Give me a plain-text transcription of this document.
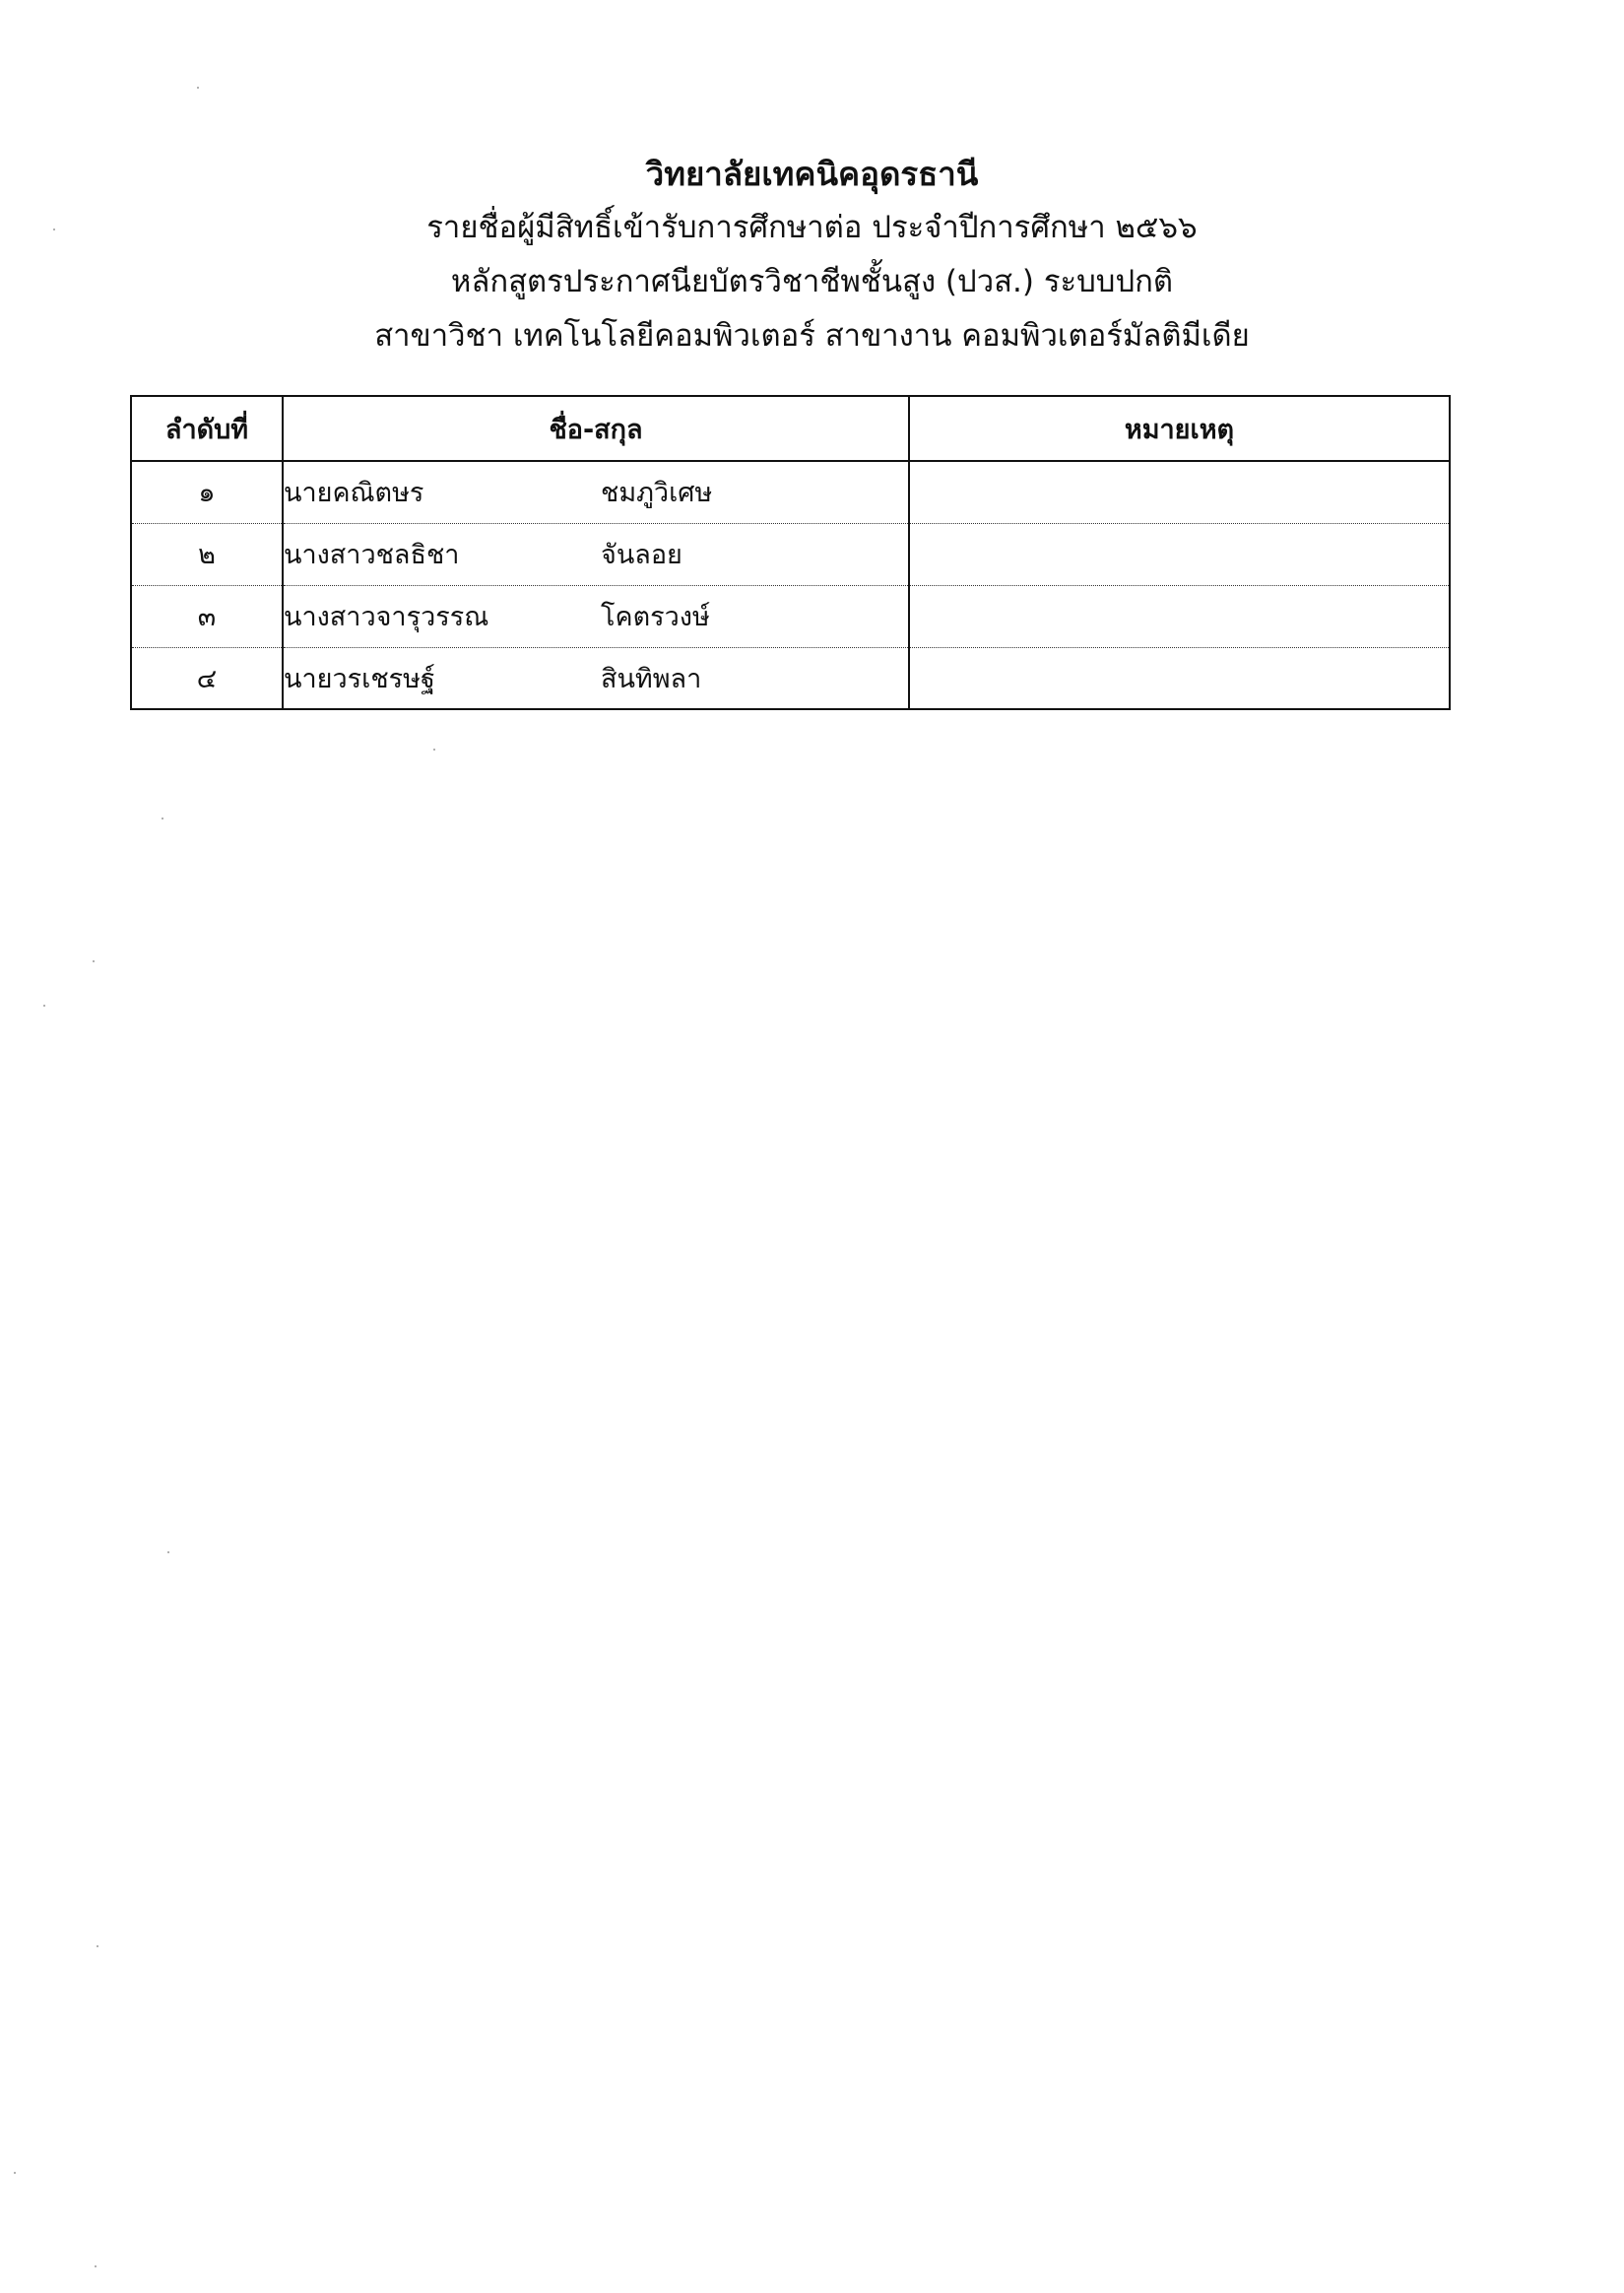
วิทยาลัยเทคนิคอุดรธานี
รายชื่อผู้มีสิทธิ์เข้ารับการศึกษาต่อ ประจำปีการศึกษา ๒๕๖๖
หลักสูตรประกาศนียบัตรวิชาชีพชั้นสูง (ปวส.) ระบบปกติ
สาขาวิชา เทคโนโลยีคอมพิวเตอร์ สาขางาน คอมพิวเตอร์มัลติมีเดีย
ลำดับที่	ชื่อ-สกุล	หมายเหตุ
๑	นายคณิตษร ชมภูวิเศษ	
๒	นางสาวชลธิชา จันลอย	
๓	นางสาวจารุวรรณ โคตรวงษ์	
๔	นายวรเชรษฐ์ สินทิพลา	
